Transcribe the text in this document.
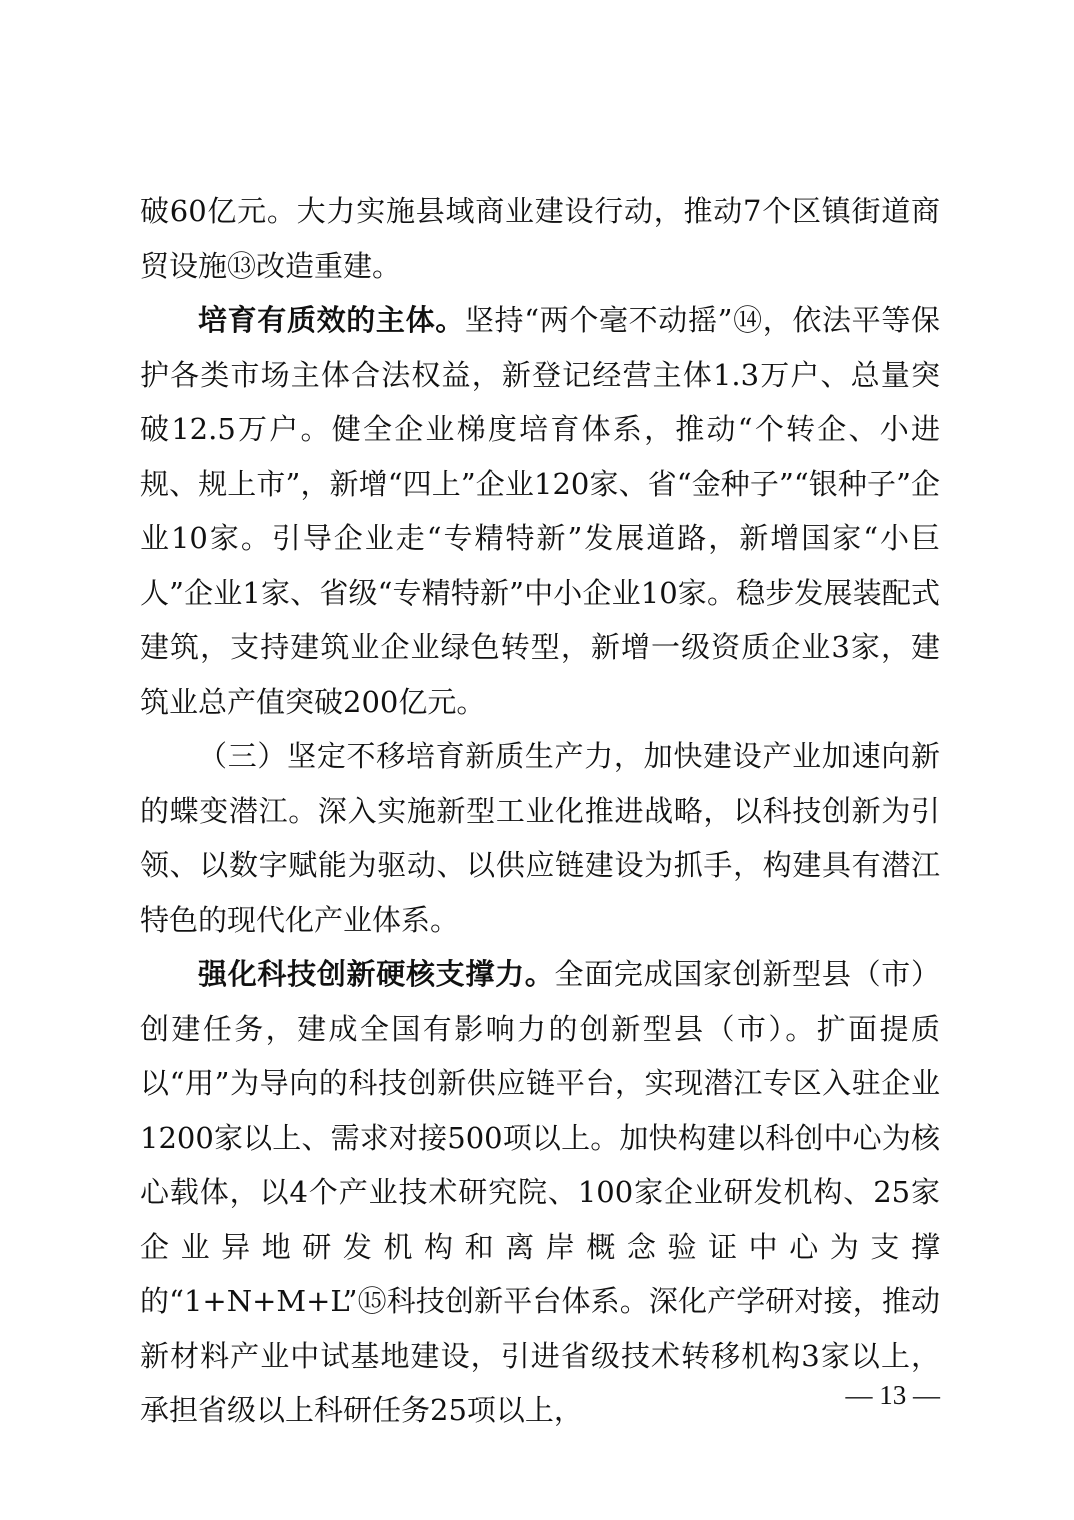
破60亿元。大力实施县域商业建设行动，推动7个区镇街道商贸设施⑬改造重建。

培育有质效的主体。坚持“两个毫不动摇”⑭，依法平等保护各类市场主体合法权益，新登记经营主体1.3万户、总量突破12.5万户。健全企业梯度培育体系，推动“个转企、小进规、规上市”，新增“四上”企业120家、省“金种子”“银种子”企业10家。引导企业走“专精特新”发展道路，新增国家“小巨人”企业1家、省级“专精特新”中小企业10家。稳步发展装配式建筑，支持建筑业企业绿色转型，新增一级资质企业3家，建筑业总产值突破200亿元。

（三）坚定不移培育新质生产力，加快建设产业加速向新的蝶变潜江。深入实施新型工业化推进战略，以科技创新为引领、以数字赋能为驱动、以供应链建设为抓手，构建具有潜江特色的现代化产业体系。

强化科技创新硬核支撑力。全面完成国家创新型县（市）创建任务，建成全国有影响力的创新型县（市）。扩面提质以“用”为导向的科技创新供应链平台，实现潜江专区入驻企业1200家以上、需求对接500项以上。加快构建以科创中心为核心载体，以4个产业技术研究院、100家企业研发机构、25家企业异地研发机构和离岸概念验证中心为支撑的“1+N+M+L”⑮科技创新平台体系。深化产学研对接，推动新材料产业中试基地建设，引进省级技术转移机构3家以上，承担省级以上科研任务25项以上，	— 13 —
